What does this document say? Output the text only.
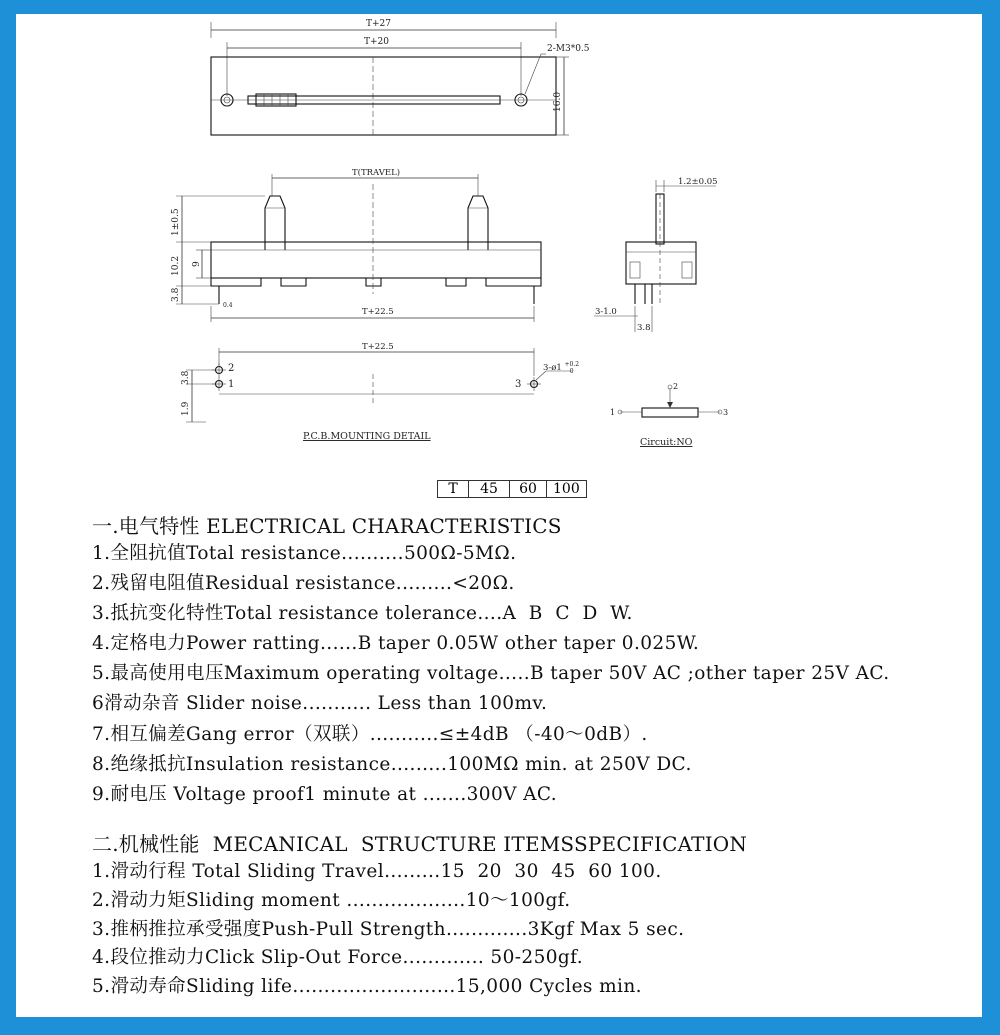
T+27
T+20
2-M3*0.5
16.0
T(TRAVEL)
1±0.5
10.2 9
3.8
0.4
T+22.5
1.2±0.05
3-1.0
3.8
T+22.5
2
1	3
3-ø1 $^{+0.2}$ 0
3.8
1.9
P.C.B.MOUNTING DETAIL
1
2
3
Circuit:NO
T	45	60	100
一.电气特性 ELECTRICAL CHARACTERISTICS
1.全阻抗值Total resistance..........500Ω-5MΩ.
2.残留电阻值Residual resistance.........<20Ω.
3.抵抗变化特性Total resistance tolerance....A  B  C  D  W.
4.定格电力Power ratting......B taper 0.05W other taper 0.025W.
5.最高使用电压Maximum operating voltage.....B taper 50V AC ;other taper 25V AC.
6滑动杂音 Slider noise........... Less than 100mv.
7.相互偏差Gang error（双联）...........≤±4dB （-40～0dB）.
8.绝缘抵抗Insulation resistance.........100MΩ min. at 250V DC.
9.耐电压 Voltage proof1 minute at .......300V AC.
二.机械性能  MECANICAL  STRUCTURE ITEMSSPECIFICATION
1.滑动行程 Total Sliding Travel.........15  20  30  45  60 100.
2.滑动力矩Sliding moment ...................10～100gf.
3.推柄推拉承受强度Push-Pull Strength.............3Kgf Max 5 sec.
4.段位推动力Click Slip-Out Force............. 50-250gf.
5.滑动寿命Sliding life..........................15,000 Cycles min.
